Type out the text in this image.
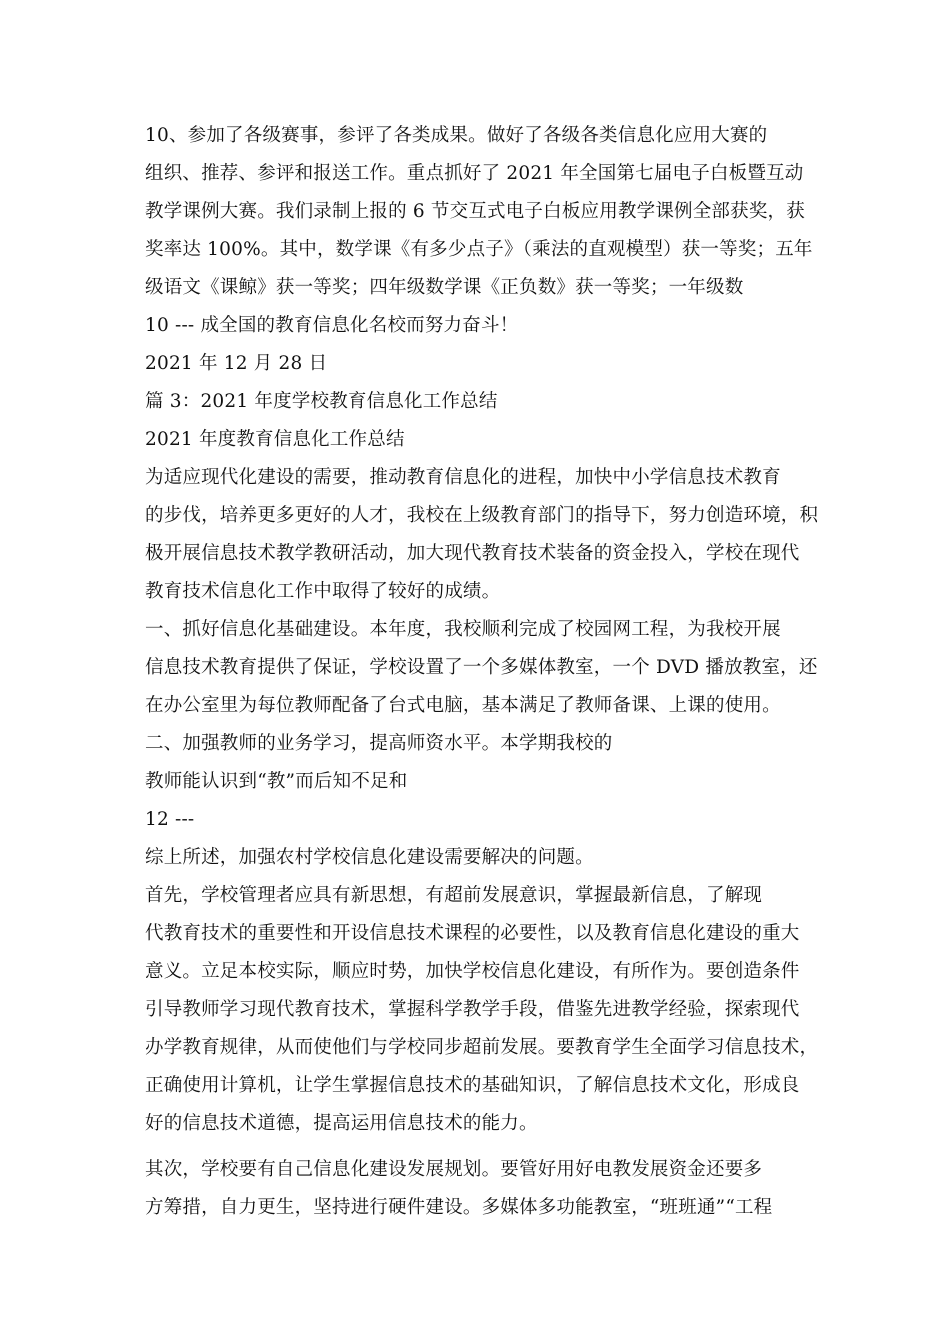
10、参加了各级赛事，参评了各类成果。做好了各级各类信息化应用大赛的
组织、推荐、参评和报送工作。重点抓好了 2021 年全国第七届电子白板暨互动
教学课例大赛。我们录制上报的 6 节交互式电子白板应用教学课例全部获奖，获
奖率达 100%。其中，数学课《有多少点子》（乘法的直观模型）获一等奖；五年
级语文《课鲸》获一等奖；四年级数学课《正负数》获一等奖；一年级数
10 --- 成全国的教育信息化名校而努力奋斗！
2021 年 12 月 28 日
篇 3：2021 年度学校教育信息化工作总结
2021 年度教育信息化工作总结
为适应现代化建设的需要，推动教育信息化的进程，加快中小学信息技术教育
的步伐，培养更多更好的人才，我校在上级教育部门的指导下，努力创造环境，积
极开展信息技术教学教研活动，加大现代教育技术装备的资金投入，学校在现代
教育技术信息化工作中取得了较好的成绩。
一、抓好信息化基础建设。本年度，我校顺利完成了校园网工程，为我校开展
信息技术教育提供了保证，学校设置了一个多媒体教室，一个 DVD 播放教室，还
在办公室里为每位教师配备了台式电脑，基本满足了教师备课、上课的使用。
二、加强教师的业务学习，提高师资水平。本学期我校的
教师能认识到“教”而后知不足和
12 ---
综上所述，加强农村学校信息化建设需要解决的问题。
首先，学校管理者应具有新思想，有超前发展意识，掌握最新信息，了解现
代教育技术的重要性和开设信息技术课程的必要性，以及教育信息化建设的重大
意义。立足本校实际，顺应时势，加快学校信息化建设，有所作为。要创造条件
引导教师学习现代教育技术，掌握科学教学手段，借鉴先进教学经验，探索现代
办学教育规律，从而使他们与学校同步超前发展。要教育学生全面学习信息技术，
正确使用计算机，让学生掌握信息技术的基础知识，了解信息技术文化，形成良
好的信息技术道德，提高运用信息技术的能力。
其次，学校要有自己信息化建设发展规划。要管好用好电教发展资金还要多
方筹措，自力更生，坚持进行硬件建设。多媒体多功能教室，“班班通”“工程
